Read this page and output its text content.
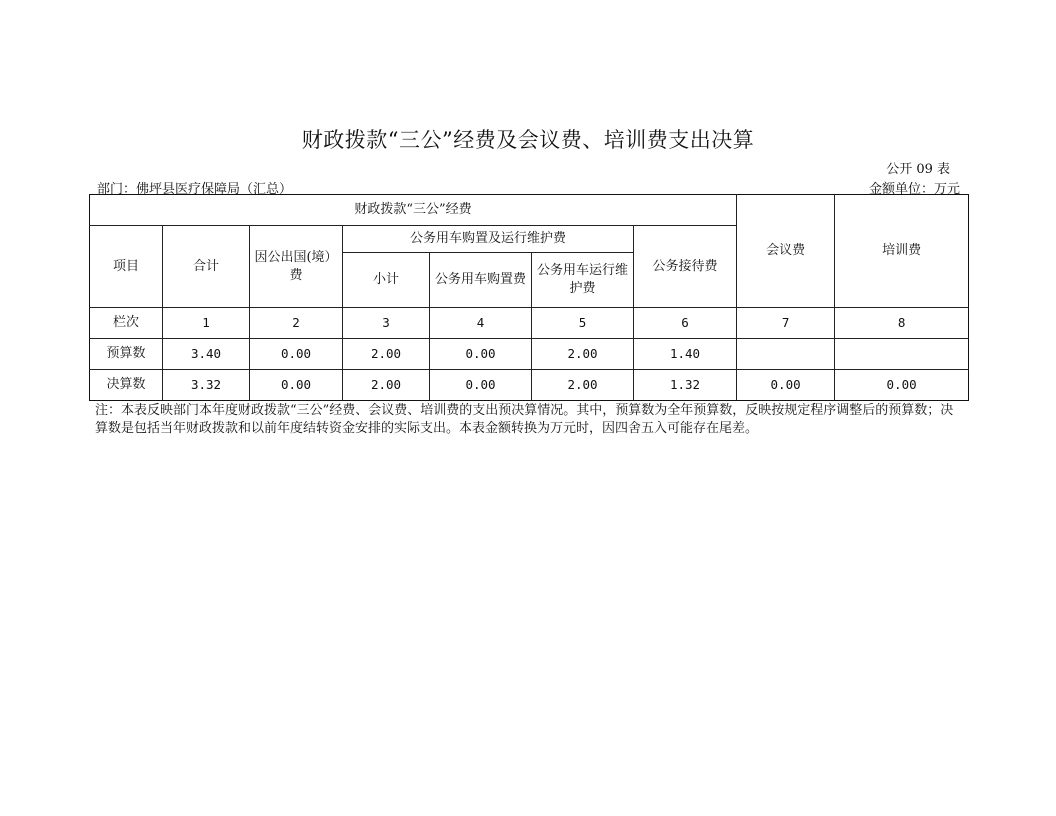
财政拨款“三公”经费及会议费、培训费支出决算
公开 09 表
部门：佛坪县医疗保障局（汇总）	金额单位：万元
财政拨款“三公”经费							会议费	培训费
项目	合计	因公出国(境）费	公务用车购置及运行维护费			公务接待费		
			小计	公务用车购置费	公务用车运行维护费			
栏次	1	2	3	4	5	6	7	8
预算数	3.40	0.00	2.00	0.00	2.00	1.40		
决算数	3.32	0.00	2.00	0.00	2.00	1.32	0.00	0.00
注：本表反映部门本年度财政拨款“三公”经费、会议费、培训费的支出预决算情况。其中，预算数为全年预算数，反映按规定程序调整后的预算数；决
算数是包括当年财政拨款和以前年度结转资金安排的实际支出。本表金额转换为万元时，因四舍五入可能存在尾差。
